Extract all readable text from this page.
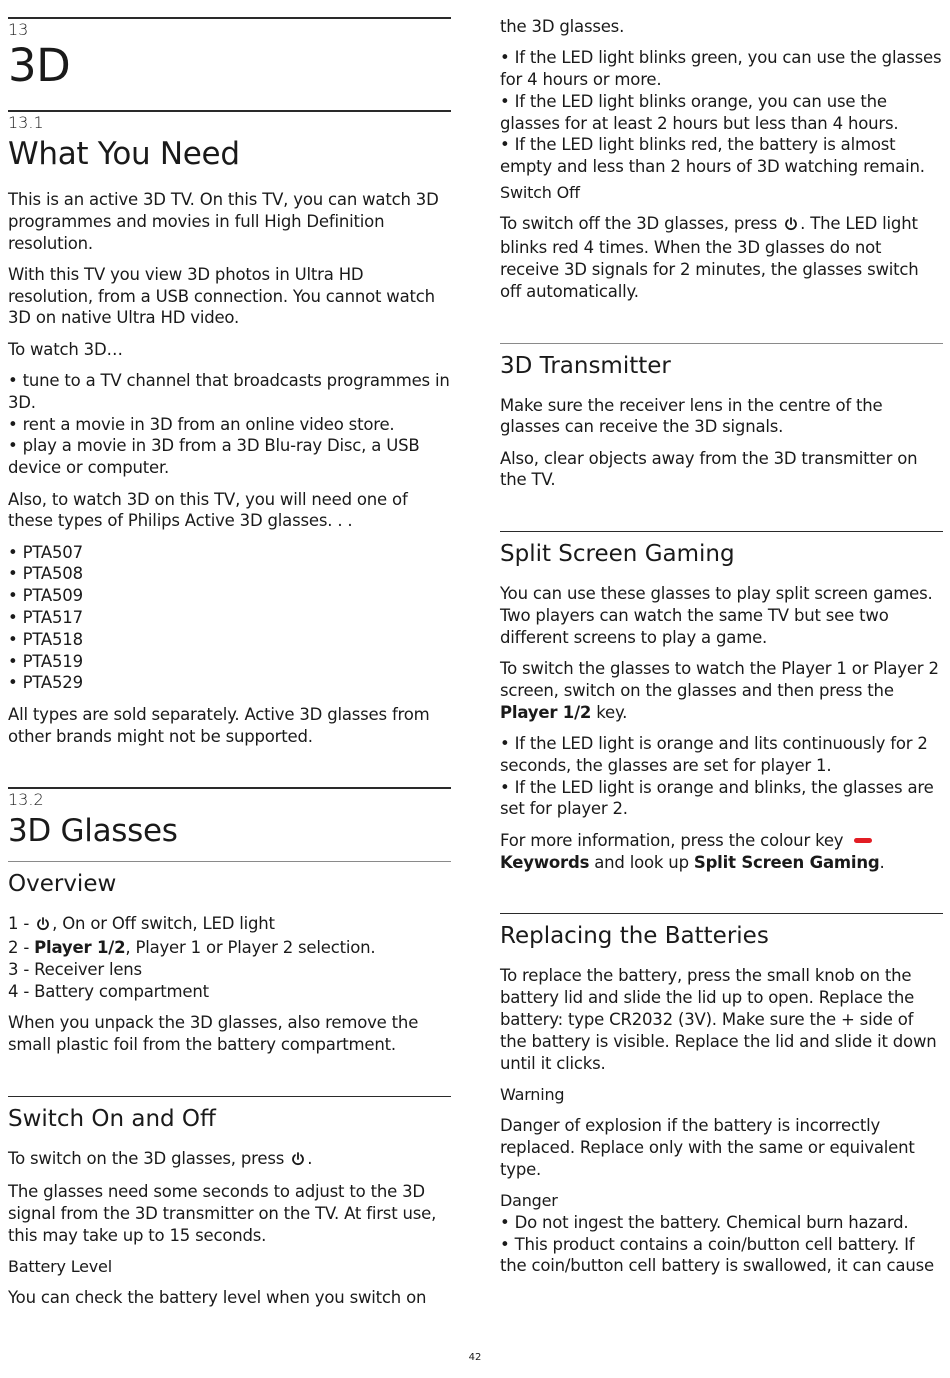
13
3D
13.1
What You Need

This is an active 3D TV. On this TV, you can watch 3D programmes and movies in full High Definition resolution.

With this TV you view 3D photos in Ultra HD resolution, from a USB connection. You cannot watch 3D on native Ultra HD video.

To watch 3D…

• tune to a TV channel that broadcasts programmes in 3D.

• rent a movie in 3D from an online video store.

• play a movie in 3D from a 3D Blu-ray Disc, a USB device or computer.

Also, to watch 3D on this TV, you will need one of these types of Philips Active 3D glasses. . .

• PTA507

• PTA508

• PTA509

• PTA517

• PTA518

• PTA519

• PTA529

All types are sold separately. Active 3D glasses from other brands might not be supported.

13.2
3D Glasses
Overview

1 - , On or Off switch, LED light

2 - Player 1/2, Player 1 or Player 2 selection.

3 - Receiver lens

4 - Battery compartment

When you unpack the 3D glasses, also remove the small plastic foil from the battery compartment.

Switch On and Off

To switch on the 3D glasses, press .

The glasses need some seconds to adjust to the 3D signal from the 3D transmitter on the TV. At first use, this may take up to 15 seconds.

Battery Level

You can check the battery level when you switch on

the 3D glasses.

• If the LED light blinks green, you can use the glasses for 4 hours or more.

• If the LED light blinks orange, you can use the glasses for at least 2 hours but less than 4 hours.

• If the LED light blinks red, the battery is almost empty and less than 2 hours of 3D watching remain.

Switch Off

To switch off the 3D glasses, press . The LED light blinks red 4 times. When the 3D glasses do not receive 3D signals for 2 minutes, the glasses switch off automatically.

3D Transmitter

Make sure the receiver lens in the centre of the glasses can receive the 3D signals.

Also, clear objects away from the 3D transmitter on the TV.

Split Screen Gaming

You can use these glasses to play split screen games. Two players can watch the same TV but see two different screens to play a game.

To switch the glasses to watch the Player 1 or Player 2 screen, switch on the glasses and then press the Player 1/2 key.

• If the LED light is orange and lits continuously for 2 seconds, the glasses are set for player 1.

• If the LED light is orange and blinks, the glasses are set for player 2.

For more information, press the colour key Keywords and look up Split Screen Gaming.

Replacing the Batteries

To replace the battery, press the small knob on the battery lid and slide the lid up to open. Replace the battery: type CR2032 (3V). Make sure the + side of the battery is visible. Replace the lid and slide it down until it clicks.

Warning

Danger of explosion if the battery is incorrectly replaced. Replace only with the same or equivalent type.

Danger

• Do not ingest the battery. Chemical burn hazard.

• This product contains a coin/button cell battery. If the coin/button cell battery is swallowed, it can cause

42
